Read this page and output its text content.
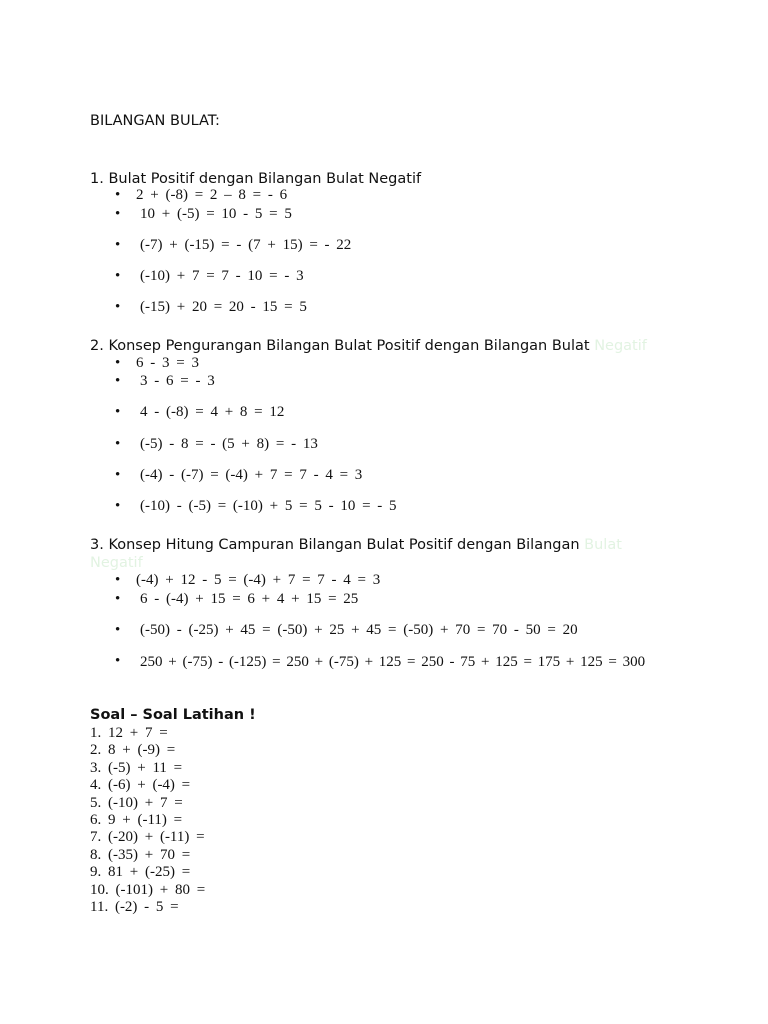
BILANGAN BULAT:
1. Bulat Positif dengan Bilangan Bulat Negatif
• 2 + (-8) = 2 – 8 = - 6
• 10 + (-5) = 10 - 5 = 5
• (-7) + (-15) = - (7 + 15) = - 22
• (-10) + 7 = 7 - 10 = - 3
• (-15) + 20 = 20 - 15 = 5
2. Konsep Pengurangan Bilangan Bulat Positif dengan Bilangan Bulat Negatif
• 6 - 3 = 3
• 3 - 6 = - 3
• 4 - (-8) = 4 + 8 = 12
• (-5) - 8 = - (5 + 8) = - 13
• (-4) - (-7) = (-4) + 7 = 7 - 4 = 3
• (-10) - (-5) = (-10) + 5 = 5 - 10 = - 5
3. Konsep Hitung Campuran Bilangan Bulat Positif dengan Bilangan Bulat Negatif
• (-4) + 12 - 5 = (-4) + 7 = 7 - 4 = 3
• 6 - (-4) + 15 = 6 + 4 + 15 = 25
• (-50) - (-25) + 45 = (-50) + 25 + 45 = (-50) + 70 = 70 - 50 = 20
• 250 + (-75) - (-125) = 250 + (-75) + 125 = 250 - 75 + 125 = 175 + 125 = 300
Soal – Soal Latihan !
1. 12 + 7 =
2. 8 + (-9) =
3. (-5) + 11 =
4. (-6) + (-4) =
5. (-10) + 7 =
6. 9 + (-11) =
7. (-20) + (-11) =
8. (-35) + 70 =
9. 81 + (-25) =
10. (-101) + 80 =
11. (-2) - 5 =
